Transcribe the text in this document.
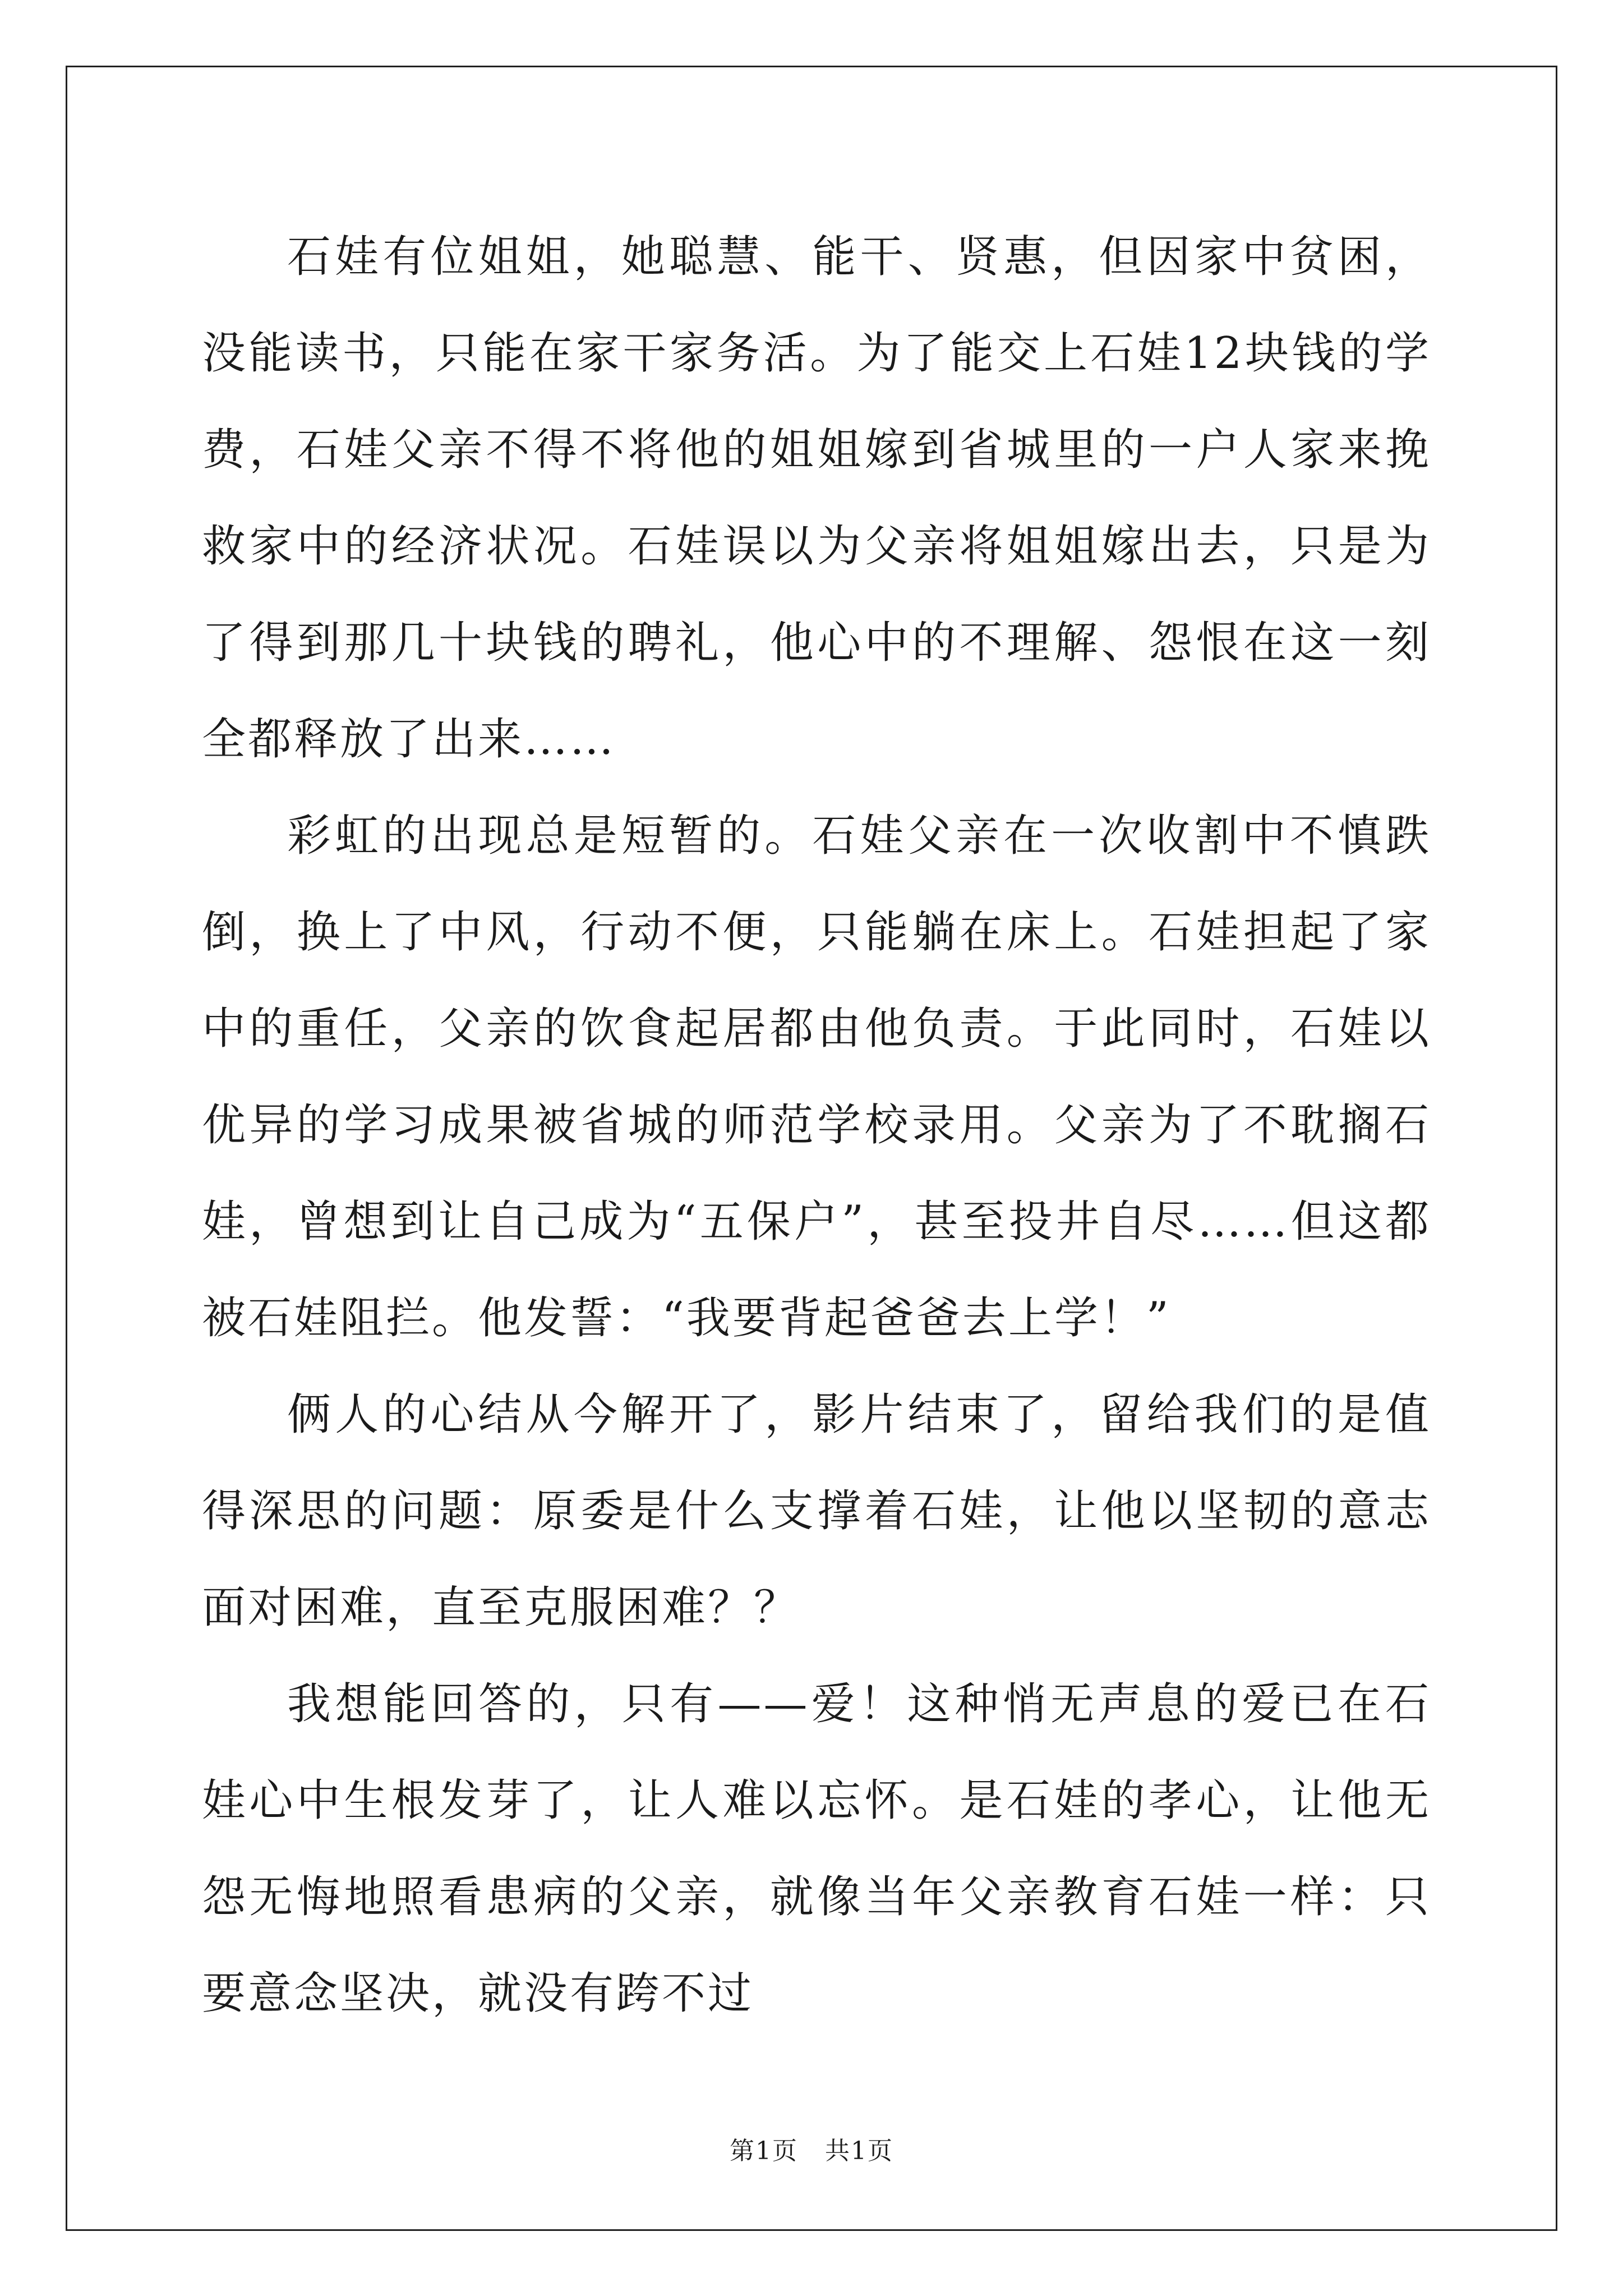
石娃有位姐姐，她聪慧、能干、贤惠，但因家中贫困，没能读书，只能在家干家务活。为了能交上石娃12块钱的学费，石娃父亲不得不将他的姐姐嫁到省城里的一户人家来挽救家中的经济状况。石娃误以为父亲将姐姐嫁出去，只是为了得到那几十块钱的聘礼，他心中的不理解、怨恨在这一刻全都释放了出来……

彩虹的出现总是短暂的。石娃父亲在一次收割中不慎跌倒，换上了中风，行动不便，只能躺在床上。石娃担起了家中的重任，父亲的饮食起居都由他负责。于此同时，石娃以优异的学习成果被省城的师范学校录用。父亲为了不耽搁石娃，曾想到让自己成为“五保户”，甚至投井自尽……但这都被石娃阻拦。他发誓：“我要背起爸爸去上学！”

俩人的心结从今解开了，影片结束了，留给我们的是值得深思的问题：原委是什么支撑着石娃，让他以坚韧的意志面对困难，直至克服困难？？

我想能回答的，只有——爱！这种悄无声息的爱已在石娃心中生根发芽了，让人难以忘怀。是石娃的孝心，让他无怨无悔地照看患病的父亲，就像当年父亲教育石娃一样：只要意念坚决，就没有跨不过

第1页 共1页
